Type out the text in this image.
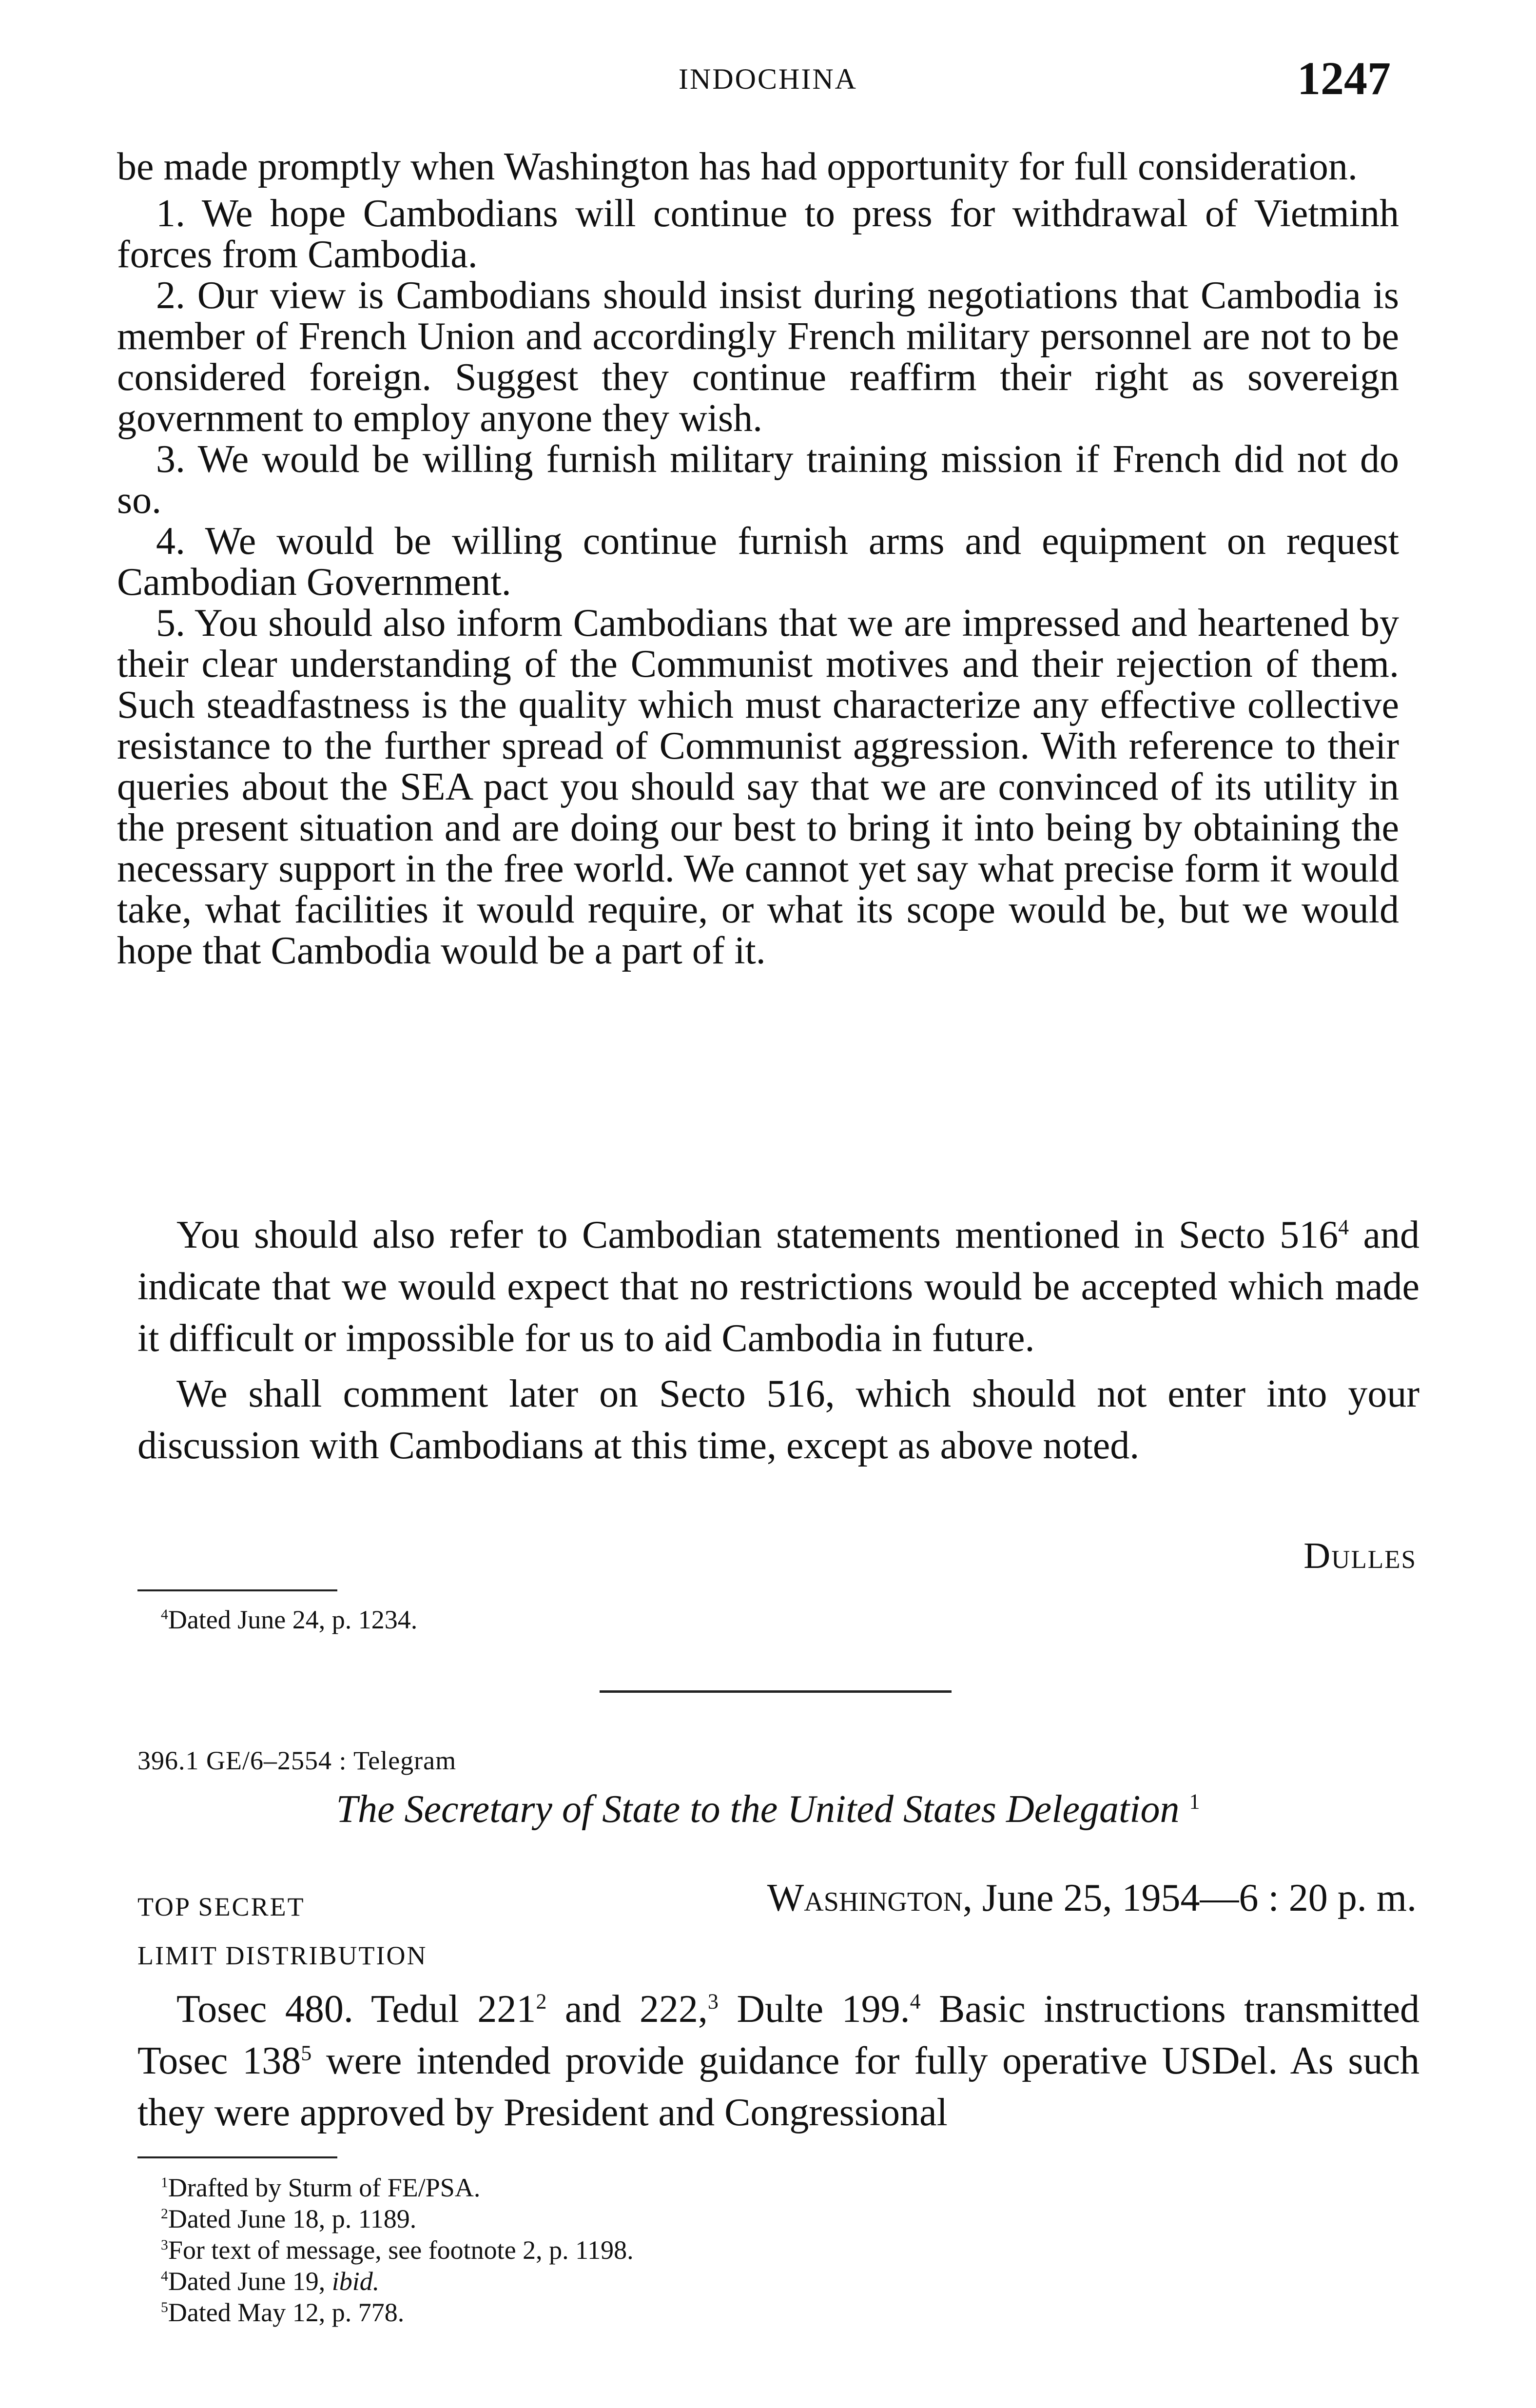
INDOCHINA	1247

be made promptly when Washington has had opportunity for full consideration.

1. We hope Cambodians will continue to press for withdrawal of Vietminh forces from Cambodia.

2. Our view is Cambodians should insist during negotiations that Cambodia is member of French Union and accordingly French military personnel are not to be considered foreign. Suggest they continue reaffirm their right as sovereign government to employ anyone they wish.

3. We would be willing furnish military training mission if French did not do so.

4. We would be willing continue furnish arms and equipment on request Cambodian Government.

5. You should also inform Cambodians that we are impressed and heartened by their clear understanding of the Communist motives and their rejection of them. Such steadfastness is the quality which must characterize any effective collective resistance to the further spread of Communist aggression. With reference to their queries about the SEA pact you should say that we are convinced of its utility in the present situation and are doing our best to bring it into being by obtaining the necessary support in the free world. We cannot yet say what precise form it would take, what facilities it would require, or what its scope would be, but we would hope that Cambodia would be a part of it.

You should also refer to Cambodian statements mentioned in Secto $516^4$ and indicate that we would expect that no restrictions would be accepted which made it difficult or impossible for us to aid Cambodia in future.

We shall comment later on Secto 516, which should not enter into your discussion with Cambodians at this time, except as above noted.

Dulles
$^4$Dated June 24, p. 1234.
396.1 GE/6–2554 : Telegram
The Secretary of State to the United States Delegation $^1$
TOP SECRET
LIMIT DISTRIBUTION
Washington, June 25, 1954—6 : 20 p. m.

Tosec 480. Tedul $221^2$ and 222,$^3$ Dulte 199.$^4$ Basic instructions transmitted Tosec $138^5$ were intended provide guidance for fully operative USDel. As such they were approved by President and Congressional

$^1$Drafted by Sturm of FE/PSA.
$^2$Dated June 18, p. 1189.
$^3$For text of message, see footnote 2, p. 1198.
$^4$Dated June 19, ibid.
$^5$Dated May 12, p. 778.
